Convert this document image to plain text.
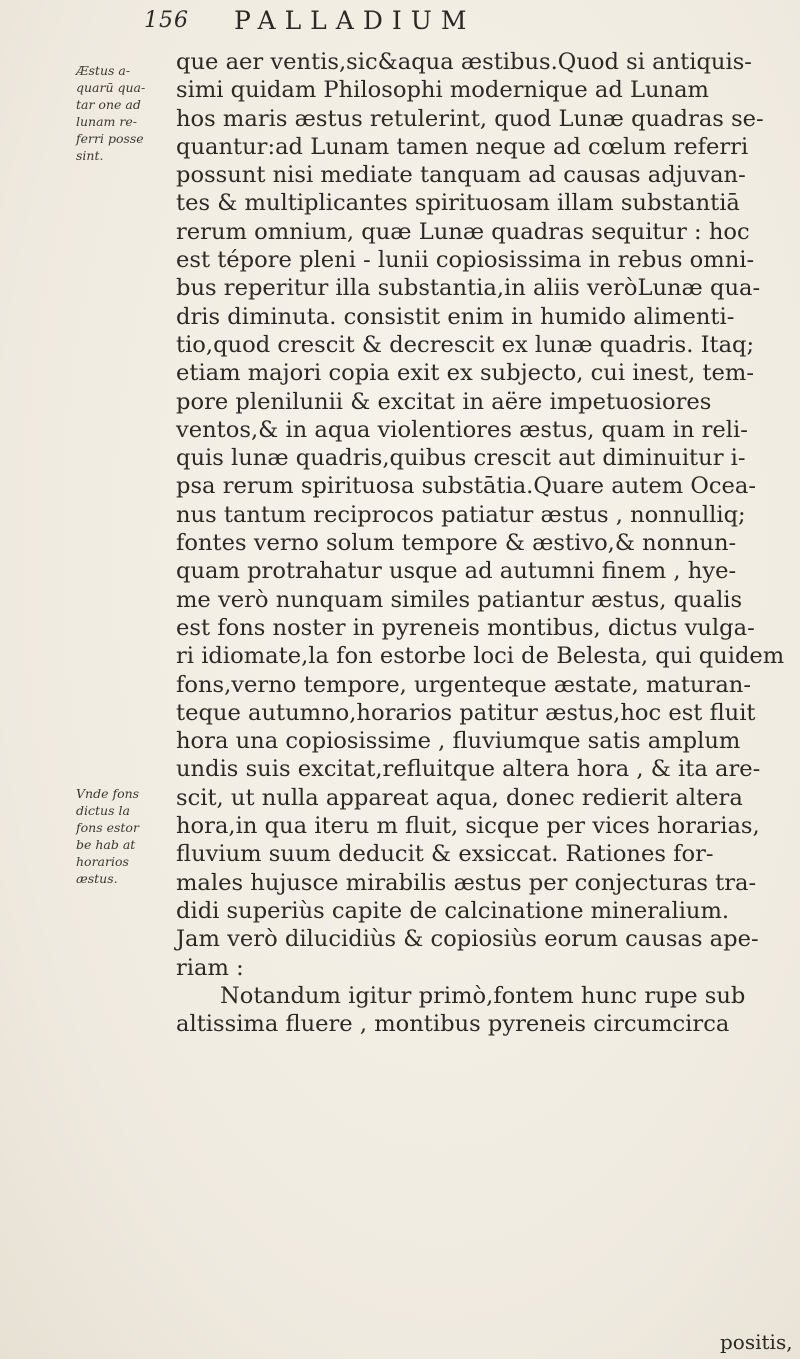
156 PALLADIUM
Æstus a-
quarū qua-
tar one ad
lunam re-
ferri posse
sint.
Vnde fons
dictus la
fons estor
be hab at
horarios
æstus.
que aer ventis,sic&aqua æstibus.Quod si antiquis-
simi quidam Philosophi modernique ad Lunam
hos maris æstus retulerint, quod Lunæ quadras se-
quantur:ad Lunam tamen neque ad cœlum referri
possunt nisi mediate tanquam ad causas adjuvan-
tes & multiplicantes spirituosam illam substantiā
rerum omnium, quæ Lunæ quadras sequitur : hoc
est tépore pleni - lunii copiosissima in rebus omni-
bus reperitur illa substantia,in aliis veròLunæ qua-
dris diminuta. consistit enim in humido alimenti-
tio,quod crescit & decrescit ex lunæ quadris. Itaq;
etiam majori copia exit ex subjecto, cui inest, tem-
pore plenilunii & excitat in aëre impetuosiores
ventos,& in aqua violentiores æstus, quam in reli-
quis lunæ quadris,quibus crescit aut diminuitur i-
psa rerum spirituosa substātia.Quare autem Ocea-
nus tantum reciprocos patiatur æstus , nonnulliq;
fontes verno solum tempore & æstivo,& nonnun-
quam protrahatur usque ad autumni finem , hye-
me verò nunquam similes patiantur æstus, qualis
est fons noster in pyreneis montibus, dictus vulga-
ri idiomate,la fon estorbe loci de Belesta, qui quidem
fons,verno tempore, urgenteque æstate, maturan-
teque autumno,horarios patitur æstus,hoc est fluit
hora una copiosissime , fluviumque satis amplum
undis suis excitat,refluitque altera hora , & ita are-
scit, ut nulla appareat aqua, donec redierit altera
hora,in qua iteru m fluit, sicque per vices horarias,
fluvium suum deducit & exsiccat. Rationes for-
males hujusce mirabilis æstus per conjecturas tra-
didi superiùs capite de calcinatione mineralium.
Jam verò dilucidiùs & copiosiùs eorum causas ape-
riam :
Notandum igitur primò,fontem hunc rupe sub
altissima fluere , montibus pyreneis circumcirca
positis,
